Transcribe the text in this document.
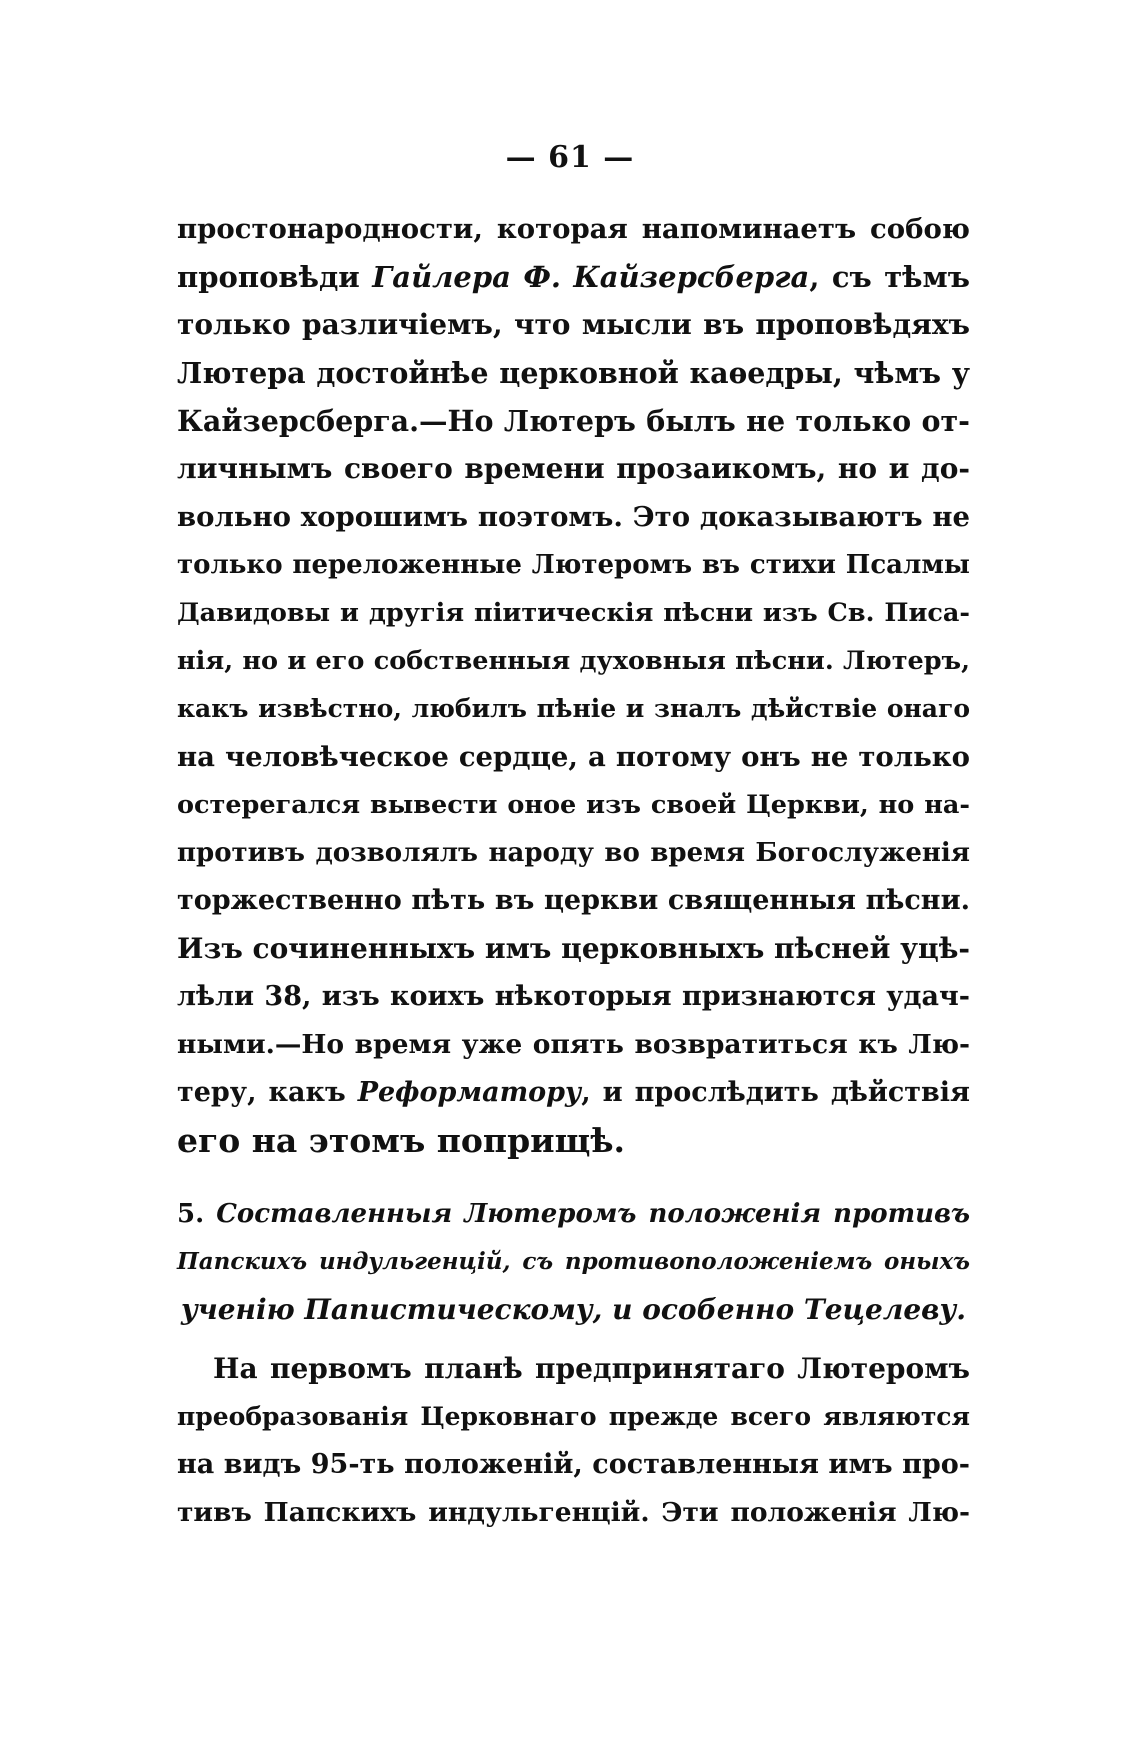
— 61 —
простонародности, которая напоминаетъ собою
проповѣди Гайлера Ф. Кайзерсберга, съ тѣмъ
только различіемъ, что мысли въ проповѣдяхъ
Лютера достойнѣе церковной каѳедры, чѣмъ у
Кайзерсберга.—Но Лютеръ былъ не только от-
личнымъ своего времени прозаикомъ, но и до-
вольно хорошимъ поэтомъ. Это доказываютъ не
только переложенные Лютеромъ въ стихи Псалмы
Давидовы и другія піитическія пѣсни изъ Св. Писа-
нія, но и его собственныя духовныя пѣсни. Лютеръ,
какъ извѣстно, любилъ пѣніе и зналъ дѣйствіе онаго
на человѣческое сердце, а потому онъ не только
остерегался вывести оное изъ своей Церкви, но на-
противъ дозволялъ народу во время Богослуженія
торжественно пѣть въ церкви священныя пѣсни.
Изъ сочиненныхъ имъ церковныхъ пѣсней уцѣ-
лѣли 38, изъ коихъ нѣкоторыя признаются удач-
ными.—Но время уже опять возвратиться къ Лю-
теру, какъ Реформатору, и прослѣдить дѣйствія
его на этомъ поприщѣ.
5. Составленныя Лютеромъ положенія противъ
Папскихъ индульгенцій, съ противоположеніемъ оныхъ
ученію Папистическому, и особенно Тецелеву.
На первомъ планѣ предпринятаго Лютеромъ
преобразованія Церковнаго прежде всего являются
на видъ 95-ть положеній, составленныя имъ про-
тивъ Папскихъ индульгенцій. Эти положенія Лю-
